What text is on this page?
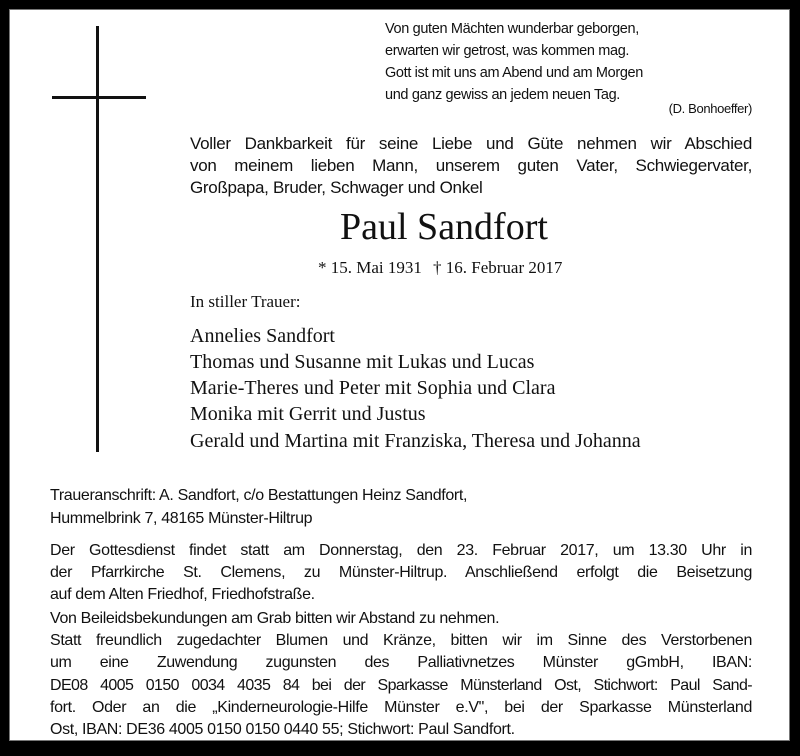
Von guten Mächten wunderbar geborgen,
erwarten wir getrost, was kommen mag.
Gott ist mit uns am Abend und am Morgen
und ganz gewiss an jedem neuen Tag.
(D. Bonhoeffer)
Voller Dankbarkeit für seine Liebe und Güte nehmen wir Abschied
von meinem lieben Mann, unserem guten Vater, Schwiegervater,
Großpapa, Bruder, Schwager und Onkel
Paul Sandfort
* 15. Mai 1931 † 16. Februar 2017
In stiller Trauer:
Annelies Sandfort
Thomas und Susanne mit Lukas und Lucas
Marie-Theres und Peter mit Sophia und Clara
Monika mit Gerrit und Justus
Gerald und Martina mit Franziska, Theresa und Johanna
Traueranschrift: A. Sandfort, c/o Bestattungen Heinz Sandfort,
Hummelbrink 7, 48165 Münster-Hiltrup
Der Gottesdienst findet statt am Donnerstag, den 23. Februar 2017, um 13.30 Uhr in
der Pfarrkirche St. Clemens, zu Münster-Hiltrup. Anschließend erfolgt die Beisetzung
auf dem Alten Friedhof, Friedhofstraße.
Von Beileidsbekundungen am Grab bitten wir Abstand zu nehmen.
Statt freundlich zugedachter Blumen und Kränze, bitten wir im Sinne des Verstorbenen
um eine Zuwendung zugunsten des Palliativnetzes Münster gGmbH, IBAN:
DE08 4005 0150 0034 4035 84 bei der Sparkasse Münsterland Ost, Stichwort: Paul Sand-
fort. Oder an die „Kinderneurologie-Hilfe Münster e.V", bei der Sparkasse Münsterland
Ost, IBAN: DE36 4005 0150 0150 0440 55; Stichwort: Paul Sandfort.
